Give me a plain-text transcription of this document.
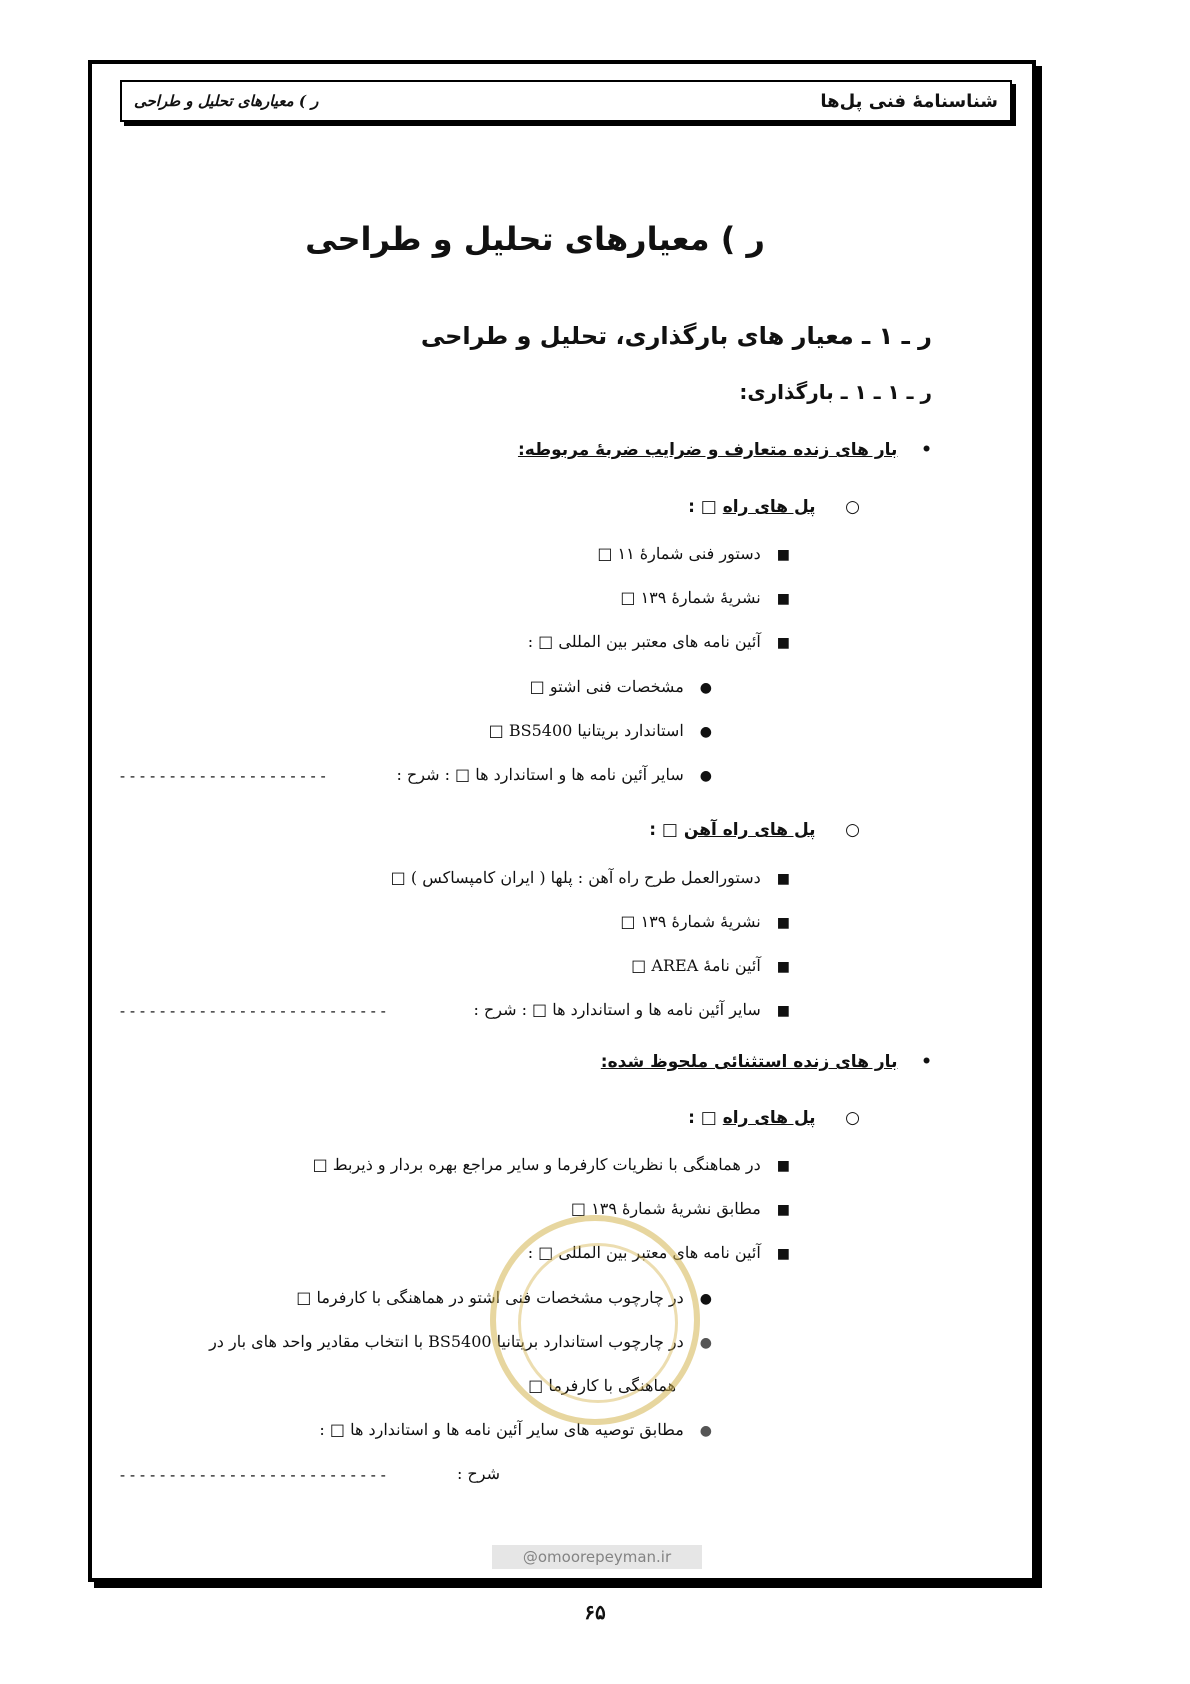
شناسنامۀ فنی پل‌ها
ر ) معیارهای تحلیل و طراحی
ر ) معیارهای تحلیل و طراحی
ر ـ ۱ ـ معیار های بارگذاری، تحلیل و طراحی
ر ـ ۱ ـ ۱ ـ بارگذاری:
•    بار های زنده متعارف و ضرایب ضربۀ مربوطه:
○     پل های راه □ :
■دستور فنی شمارۀ ۱۱ □
■نشریۀ شمارۀ ۱۳۹ □
■آئین نامه های معتبر بین المللی □ :
●مشخصات فنی اشتو □
●استاندارد بریتانیا BS5400 □
●سایر آئین نامه ها و استاندارد ها □ : شرح :
---------------------
○     پل های راه آهن □ :
■دستورالعمل طرح راه آهن : پلها ( ایران کامپساکس ) □
■نشریۀ شمارۀ ۱۳۹ □
■آئین نامۀ AREA □
■سایر آئین نامه ها و استاندارد ها □ : شرح :
---------------------------
•    بار های زنده استثنائی ملحوظ شده:
○     پل های راه □ :
■در هماهنگی با نظریات کارفرما و سایر مراجع بهره بردار و ذیربط □
■مطابق نشریۀ شمارۀ ۱۳۹ □
■آئین نامه های معتبر بین المللی □ :
●در چارچوب مشخصات فنی اشتو در هماهنگی با کارفرما □
●در چارچوب استاندارد بریتانیا BS5400 با انتخاب مقادیر واحد های بار در
هماهنگی با کارفرما □
●مطابق توصیه های سایر آئین نامه ها و استاندارد ها □ :
شرح :
---------------------------
@omoorepeyman.ir
۶۵
